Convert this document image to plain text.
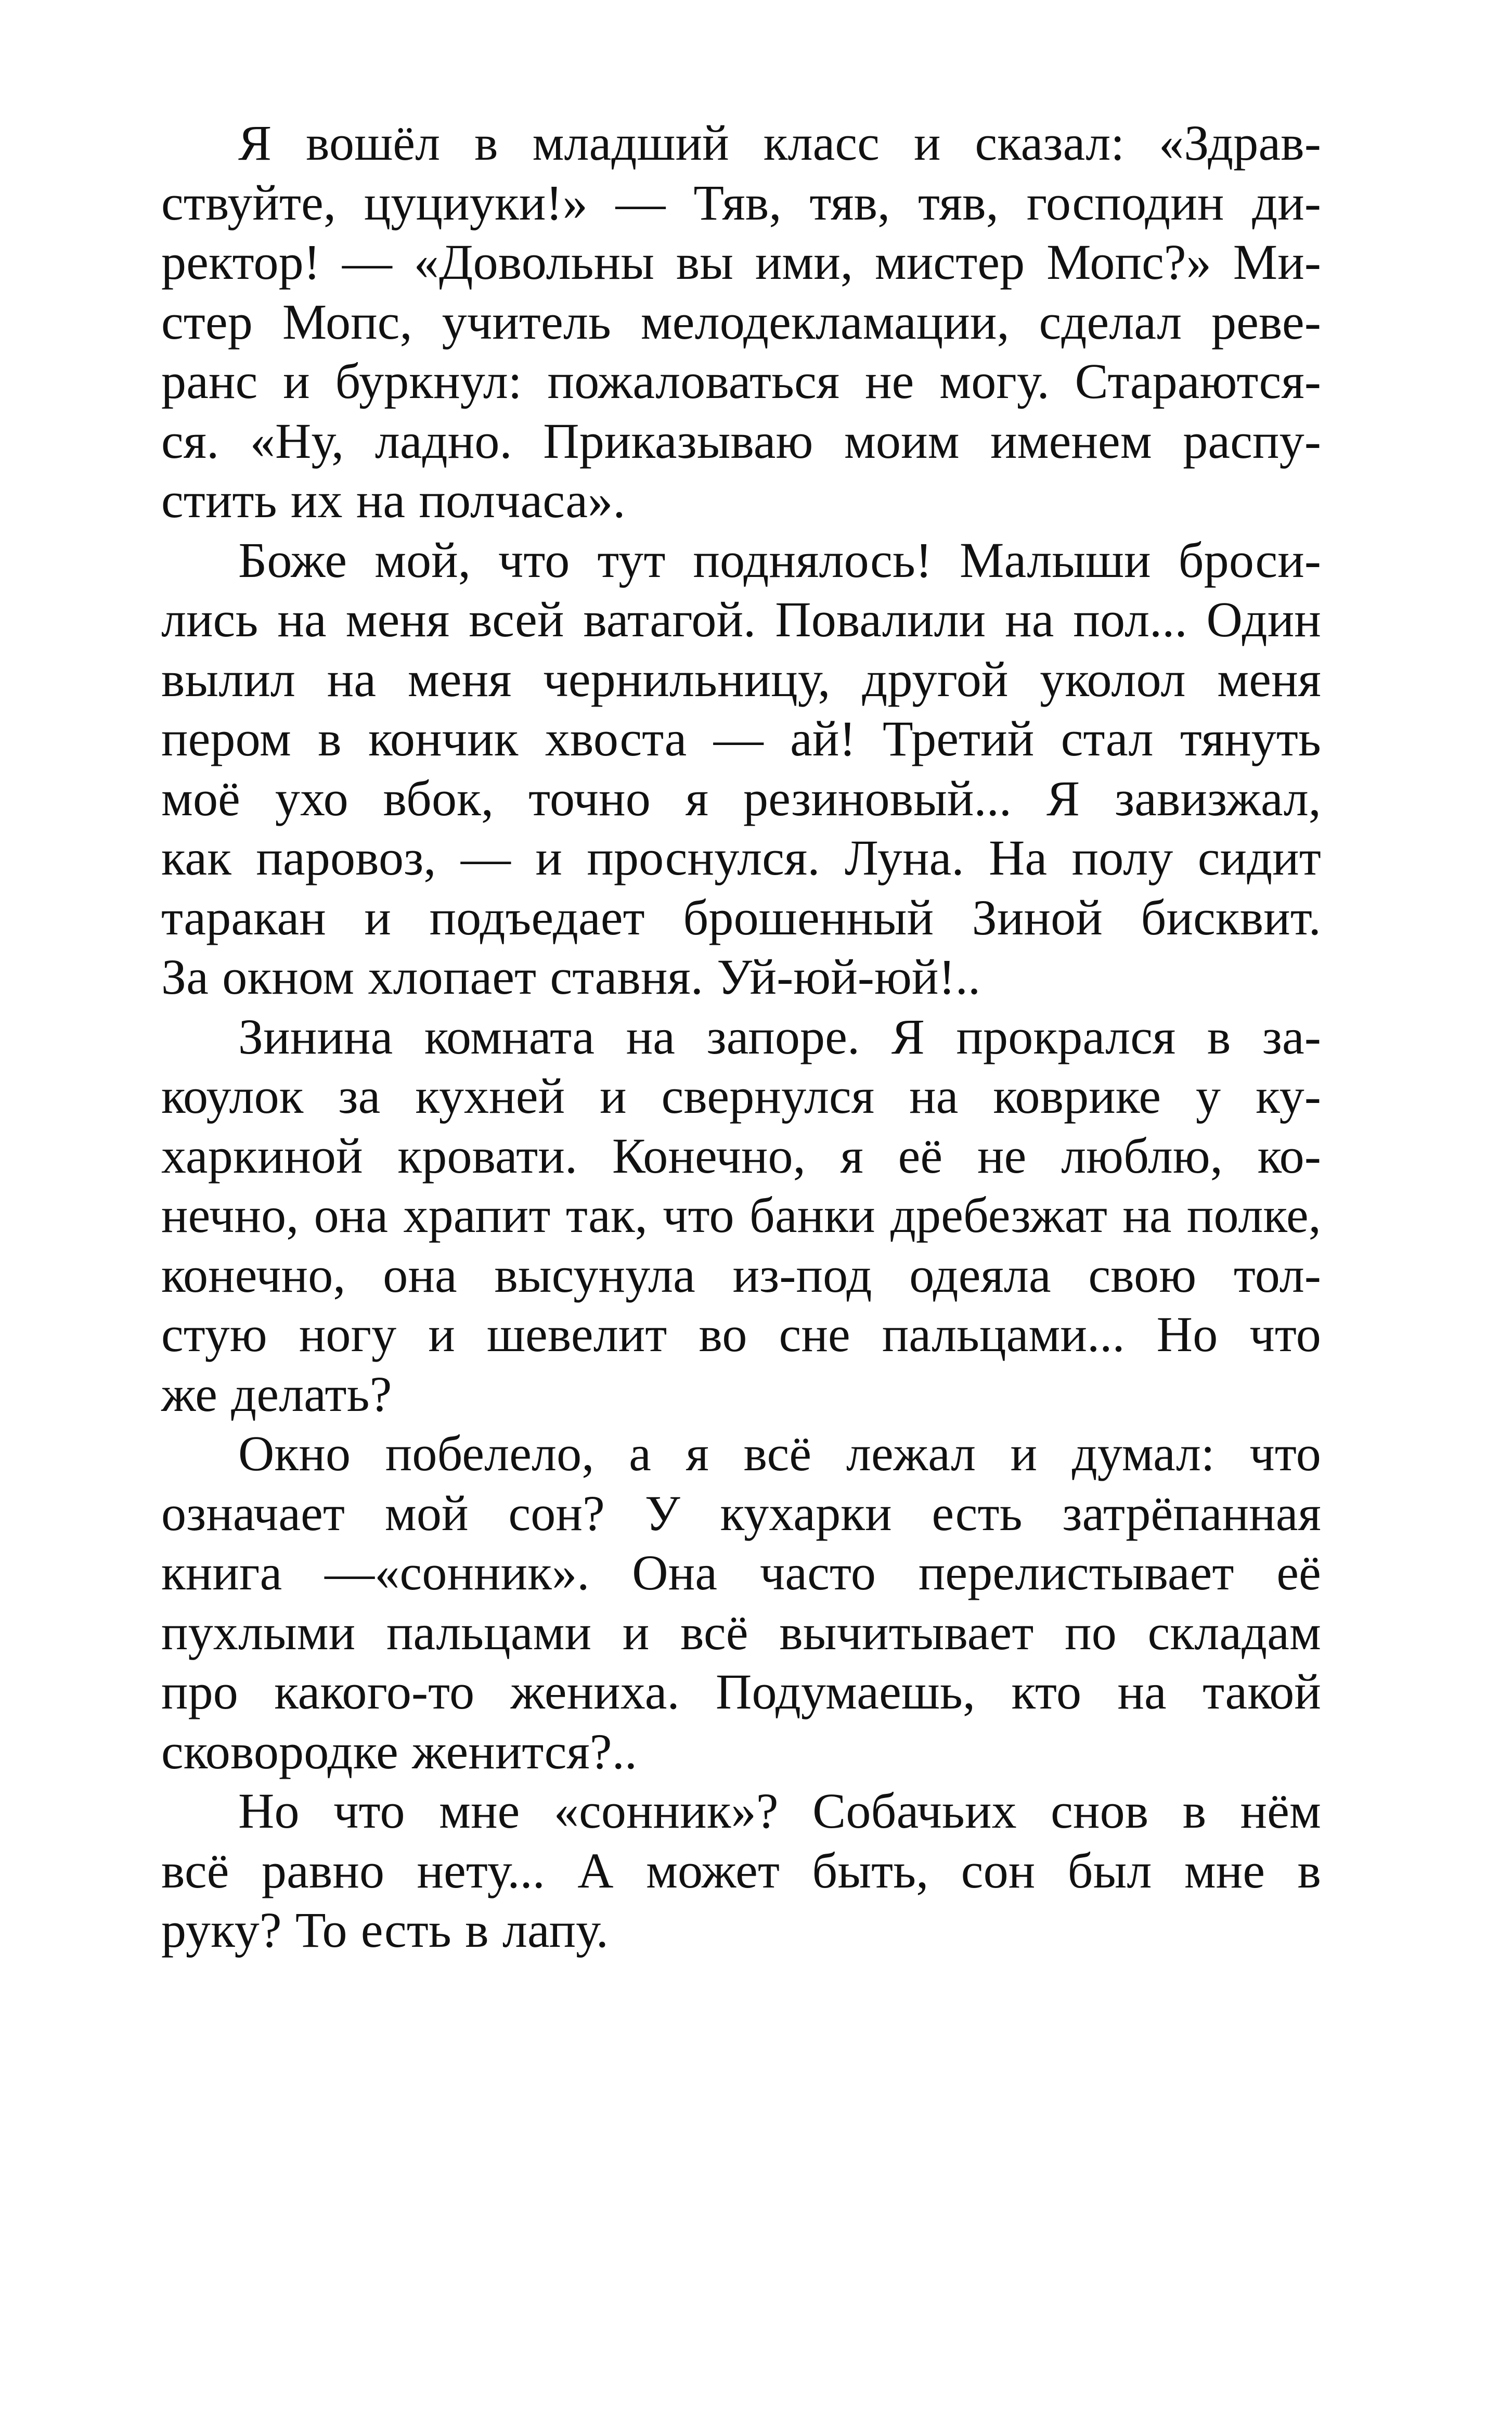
Я вошёл в младший класс и сказал: «Здрав-
ствуйте, цуциуки!» — Тяв, тяв, тяв, господин ди-
ректор! — «Довольны вы ими, мистер Мопс?» Ми-
стер Мопс, учитель мелодекламации, сделал реве-
ранс и буркнул: пожаловаться не могу. Стараются-
ся. «Ну, ладно. Приказываю моим именем распу-
стить их на полчаса».
Боже мой, что тут поднялось! Малыши броси-
лись на меня всей ватагой. Повалили на пол... Один
вылил на меня чернильницу, другой уколол меня
пером в кончик хвоста — ай! Третий стал тянуть
моё ухо вбок, точно я резиновый... Я завизжал,
как паровоз, — и проснулся. Луна. На полу сидит
таракан и подъедает брошенный Зиной бисквит.
За окном хлопает ставня. Уй-юй-юй!..
Зинина комната на запоре. Я прокрался в за-
коулок за кухней и свернулся на коврике у ку-
харкиной кровати. Конечно, я её не люблю, ко-
нечно, она храпит так, что банки дребезжат на полке,
конечно, она высунула из-под одеяла свою тол-
стую ногу и шевелит во сне пальцами... Но что
же делать?
Окно побелело, а я всё лежал и думал: что
означает мой сон? У кухарки есть затрёпанная
книга —«сонник». Она часто перелистывает её
пухлыми пальцами и всё вычитывает по складам
про какого-то жениха. Подумаешь, кто на такой
сковородке женится?..
Но что мне «сонник»? Собачьих снов в нём
всё равно нету... А может быть, сон был мне в
руку? То есть в лапу.
